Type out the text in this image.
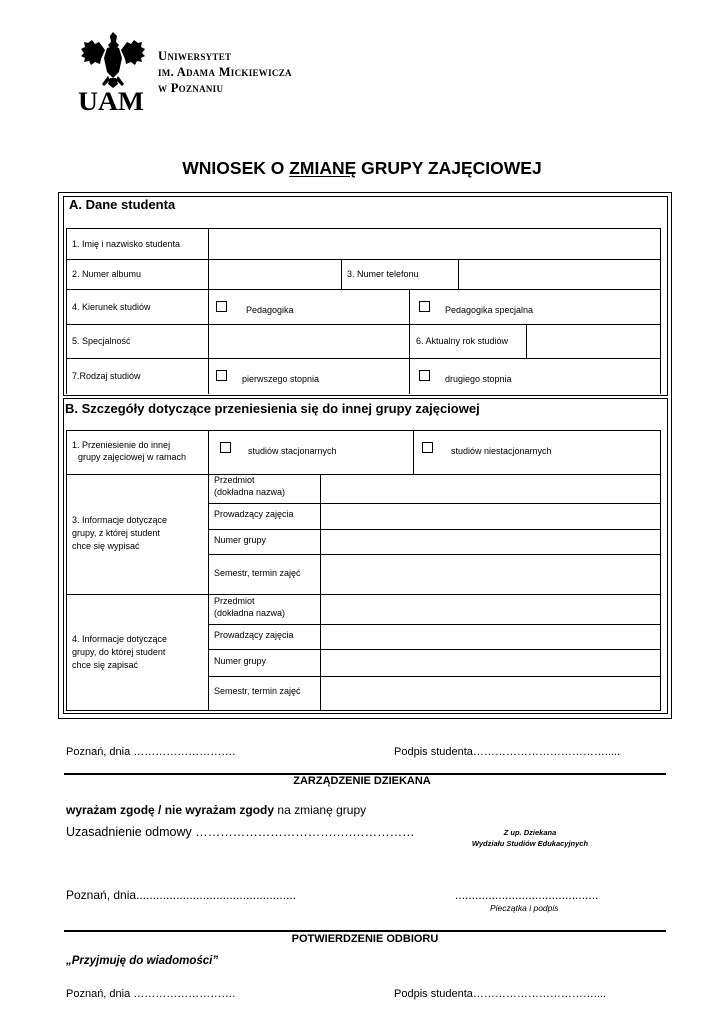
UAM
Uniwersytet
im. Adama Mickiewicza
w Poznaniu
WNIOSEK O ZMIANĘ GRUPY ZAJĘCIOWEJ
A. Dane studenta
1. Imię i nazwisko studenta
2. Numer albumu	3. Numer telefonu
4. Kierunek studiów	Pedagogika	Pedagogika specjalna
5. Specjalność	6. Aktualny rok studiów
7.Rodzaj studiów	pierwszego stopnia	drugiego stopnia
B. Szczegóły dotyczące przeniesienia się do innej grupy zajęciowej
1. Przeniesienie do innej
grupy zajęciowej w ramach
studiów stacjonarnych	studiów niestacjonarnych
3. Informacje dotyczące
grupy, z której student
chce się wypisać
Przedmiot
(dokładna nazwa)
Prowadzący zajęcia
Numer grupy
Semestr, termin zajęć
4. Informacje dotyczące
grupy, do której student
chce się zapisać
Przedmiot
(dokładna nazwa)
Prowadzący zajęcia
Numer grupy
Semestr, termin zajęć
Poznań, dnia ……………………….	Podpis studenta……………………………….....
ZARZĄDZENIE DZIEKANA
wyrażam zgodę / nie wyrażam zgody na zmianę grupy
Uzasadnienie odmowy …………………………….….……………	Z up. Dziekana
Wydziału Studiów Edukacyjnych
Poznań, dnia................................................	...........................................
Pieczątka i podpis
POTWIERDZENIE ODBIORU
„Przyjmuję do wiadomości”
Poznań, dnia ……………………….	Podpis studenta……………………………....
